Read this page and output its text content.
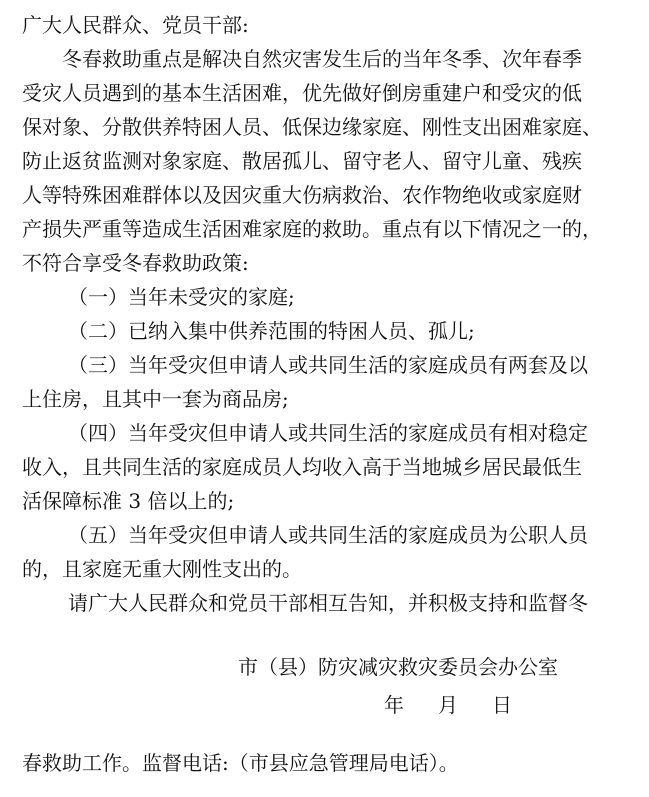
广大人民群众、党员干部:
冬春救助重点是解决自然灾害发生后的当年冬季、次年春季
受灾人员遇到的基本生活困难，优先做好倒房重建户和受灾的低
保对象、分散供养特困人员、低保边缘家庭、刚性支出困难家庭、
防止返贫监测对象家庭、散居孤儿、留守老人、留守儿童、残疾
人等特殊困难群体以及因灾重大伤病救治、农作物绝收或家庭财
产损失严重等造成生活困难家庭的救助。重点有以下情况之一的，
不符合享受冬春救助政策:
（一）当年未受灾的家庭;
（二）已纳入集中供养范围的特困人员、孤儿;
（三）当年受灾但申请人或共同生活的家庭成员有两套及以
上住房，且其中一套为商品房;
（四）当年受灾但申请人或共同生活的家庭成员有相对稳定
收入，且共同生活的家庭成员人均收入高于当地城乡居民最低生
活保障标准 3 倍以上的;
（五）当年受灾但申请人或共同生活的家庭成员为公职人员
的，且家庭无重大刚性支出的。
请广大人民群众和党员干部相互告知，并积极支持和监督冬
春救助工作。监督电话:（市县应急管理局电话）。
市（县）防灾减灾救灾委员会办公室
年 月 日
